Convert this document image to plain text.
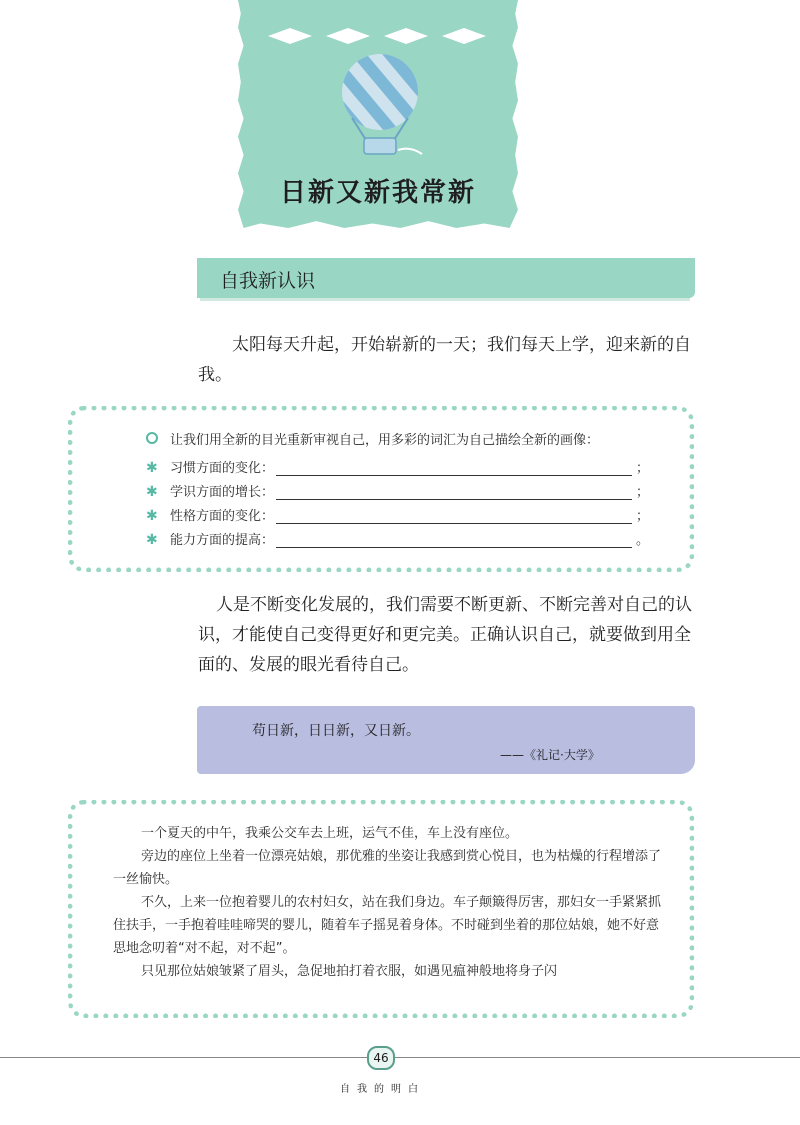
日新又新我常新
自我新认识
太阳每天升起，开始崭新的一天；我们每天上学，迎来新的自我。
让我们用全新的目光重新审视自己，用多彩的词汇为自己描绘全新的画像：
✱ 习惯方面的变化：	；
✱ 学识方面的增长：	；
✱ 性格方面的变化：	；
✱ 能力方面的提高：	。
人是不断变化发展的，我们需要不断更新、不断完善对自己的认识，才能使自己变得更好和更完美。正确认识自己，就要做到用全面的、发展的眼光看待自己。
苟日新，日日新，又日新。
——《礼记·大学》

一个夏天的中午，我乘公交车去上班，运气不佳，车上没有座位。

旁边的座位上坐着一位漂亮姑娘，那优雅的坐姿让我感到赏心悦目，也为枯燥的行程增添了一丝愉快。

不久，上来一位抱着婴儿的农村妇女，站在我们身边。车子颠簸得厉害，那妇女一手紧紧抓住扶手，一手抱着哇哇啼哭的婴儿，随着车子摇晃着身体。不时碰到坐着的那位姑娘，她不好意思地念叨着“对不起，对不起”。

只见那位姑娘皱紧了眉头，急促地拍打着衣服，如遇见瘟神般地将身子闪

46
自我的明白
